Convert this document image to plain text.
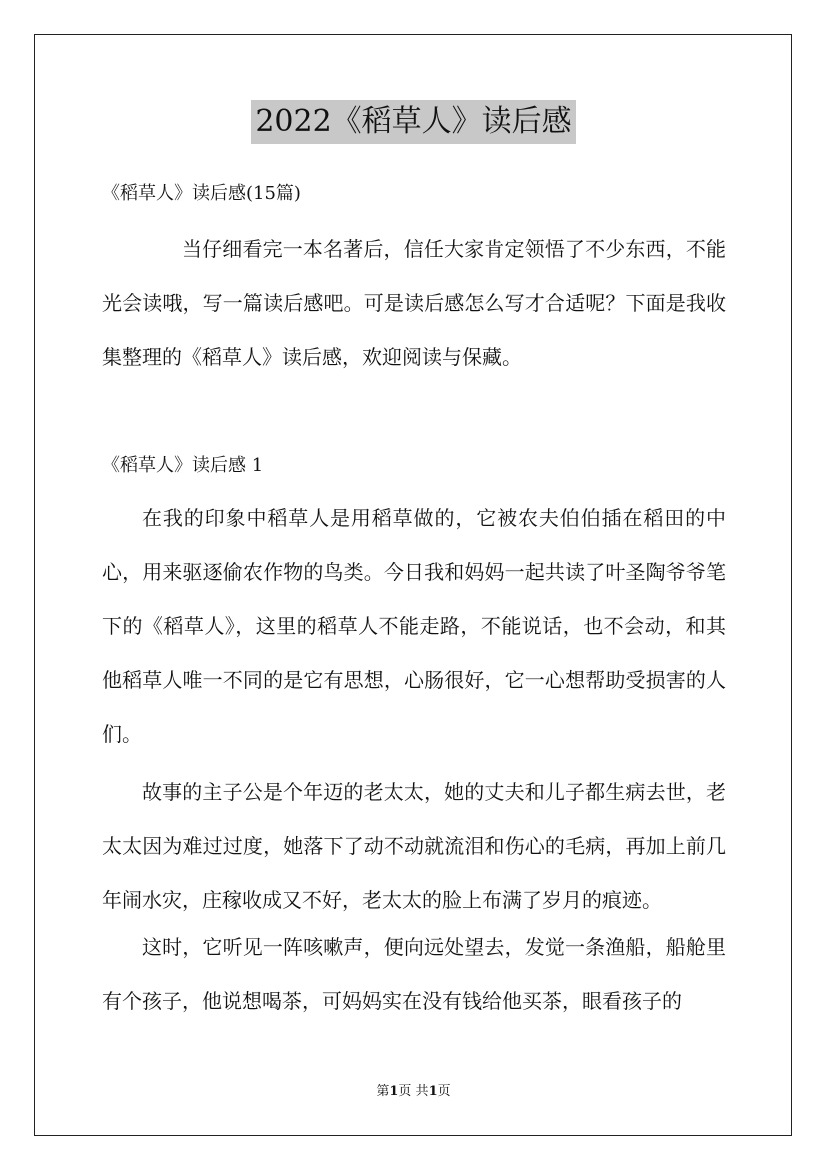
2022《稻草人》读后感
《稻草人》读后感(15篇)

当仔细看完一本名著后，信任大家肯定领悟了不少东西，不能光会读哦，写一篇读后感吧。可是读后感怎么写才合适呢？下面是我收集整理的《稻草人》读后感，欢迎阅读与保藏。

《稻草人》读后感 1

在我的印象中稻草人是用稻草做的，它被农夫伯伯插在稻田的中心，用来驱逐偷农作物的鸟类。今日我和妈妈一起共读了叶圣陶爷爷笔下的《稻草人》，这里的稻草人不能走路，不能说话，也不会动，和其他稻草人唯一不同的是它有思想，心肠很好，它一心想帮助受损害的人们。

故事的主子公是个年迈的老太太，她的丈夫和儿子都生病去世，老太太因为难过过度，她落下了动不动就流泪和伤心的毛病，再加上前几年闹水灾，庄稼收成又不好，老太太的脸上布满了岁月的痕迹。

这时，它听见一阵咳嗽声，便向远处望去，发觉一条渔船，船舱里有个孩子，他说想喝茶，可妈妈实在没有钱给他买茶，眼看孩子的

第1页 共1页
